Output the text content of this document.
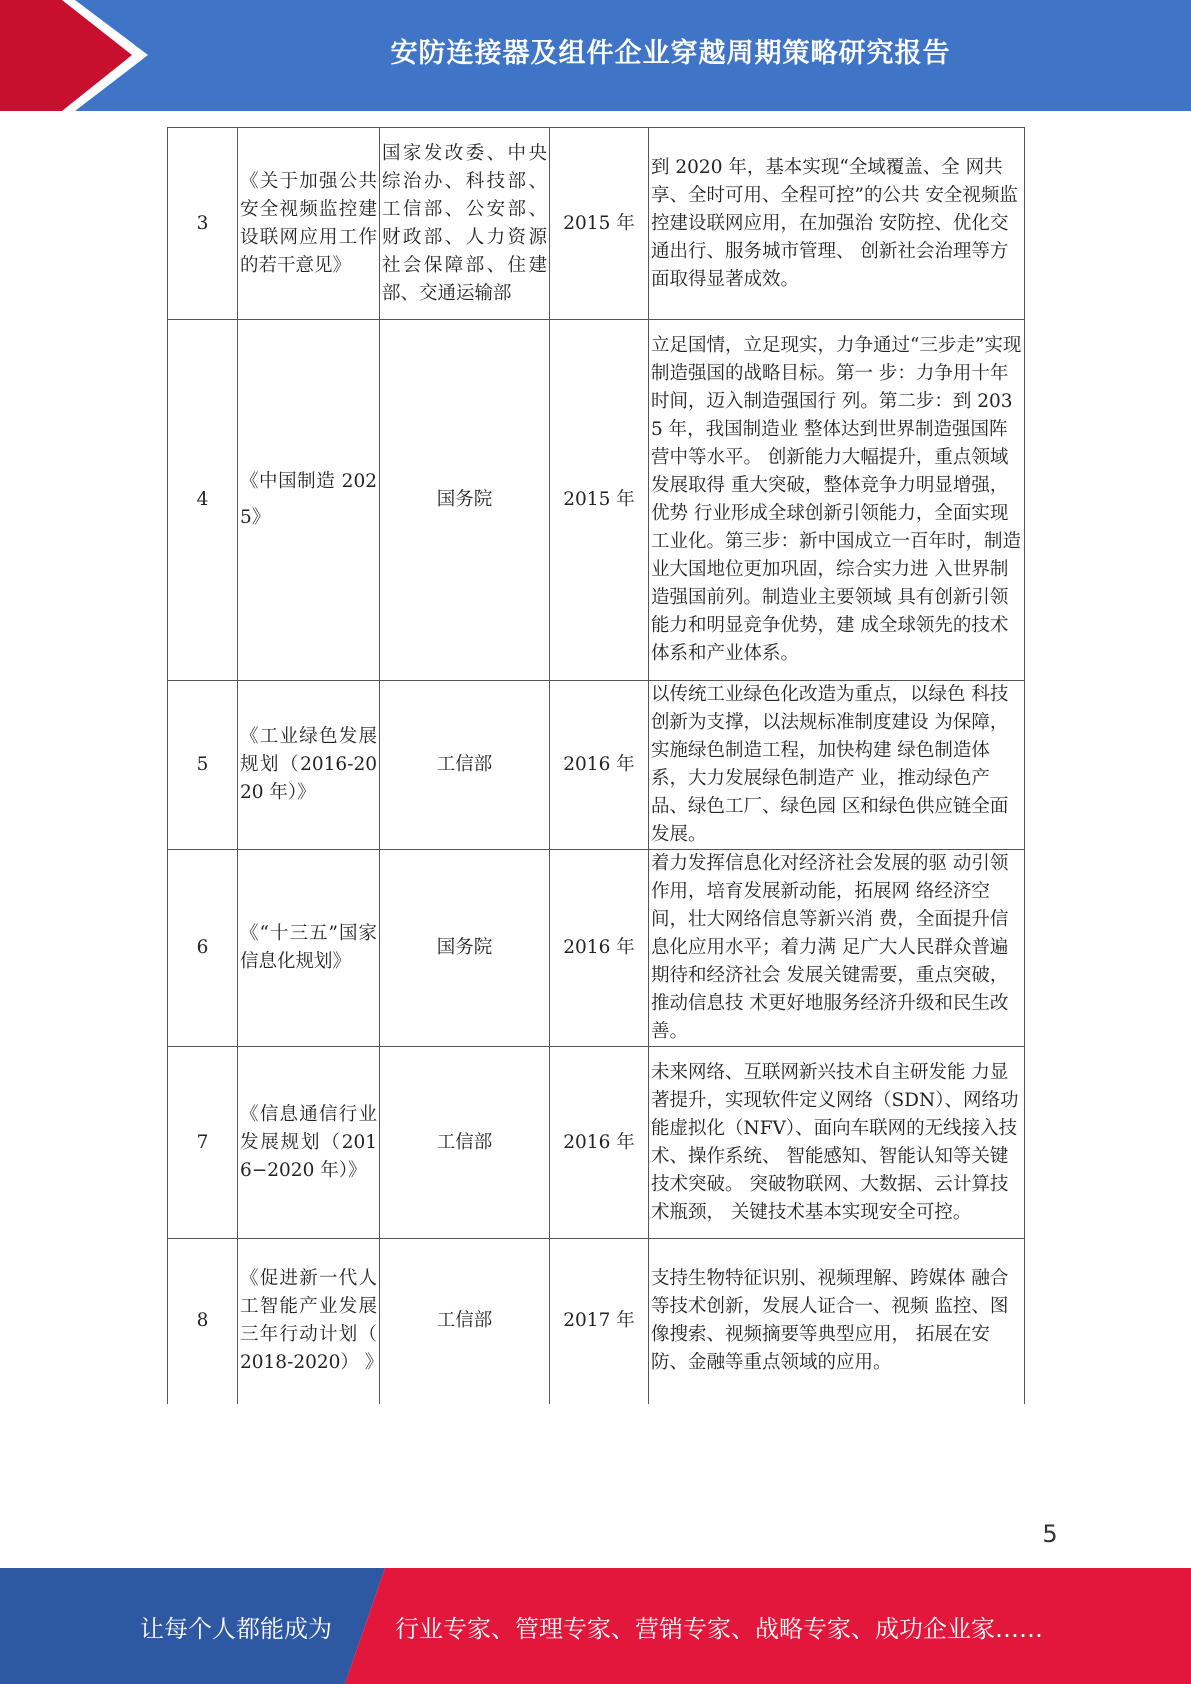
安防连接器及组件企业穿越周期策略研究报告
3	《关于加强公共安全视频监控建设联网应用工作的若干意见》	国家发改委、中央综治办、科技部、工信部、公安部、财政部、人力资源社会保障部、住建部、交通运输部	2015 年	到 2020 年，基本实现“全域覆盖、全 网共享、全时可用、全程可控”的公共 安全视频监控建设联网应用，在加强治 安防控、优化交通出行、服务城市管理、 创新社会治理等方面取得显著成效。
4	《中国制造 2025》	国务院	2015 年	立足国情，立足现实，力争通过“三步走”实现制造强国的战略目标。第一 步：力争用十年时间，迈入制造强国行 列。第二步：到 2035 年，我国制造业 整体达到世界制造强国阵营中等水平。 创新能力大幅提升，重点领域发展取得 重大突破，整体竞争力明显增强，优势 行业形成全球创新引领能力，全面实现 工业化。第三步：新中国成立一百年时，制造业大国地位更加巩固，综合实力进 入世界制造强国前列。制造业主要领域 具有创新引领能力和明显竞争优势，建 成全球领先的技术体系和产业体系。
5	《工业绿色发展规划（2016-2020 年）》	工信部	2016 年	以传统工业绿色化改造为重点，以绿色 科技创新为支撑，以法规标准制度建设 为保障，实施绿色制造工程，加快构建 绿色制造体系，大力发展绿色制造产 业，推动绿色产品、绿色工厂、绿色园 区和绿色供应链全面发展。
6	《“十三五”国家信息化规划》	国务院	2016 年	着力发挥信息化对经济社会发展的驱 动引领作用，培育发展新动能，拓展网 络经济空间，壮大网络信息等新兴消 费，全面提升信息化应用水平；着力满 足广大人民群众普遍期待和经济社会 发展关键需要，重点突破，推动信息技 术更好地服务经济升级和民生改善。
7	《信息通信行业发展规划（2016−2020 年）》	工信部	2016 年	未来网络、互联网新兴技术自主研发能 力显著提升，实现软件定义网络（SDN）、网络功能虚拟化（NFV）、面向车联网的无线接入技术、操作系统、 智能感知、智能认知等关键技术突破。 突破物联网、大数据、云计算技术瓶颈， 关键技术基本实现安全可控。
8	《促进新一代人工智能产业发展三年行动计划（ 2018-2020） 》	工信部	2017 年	支持生物特征识别、视频理解、跨媒体 融合等技术创新，发展人证合一、视频 监控、图像搜索、视频摘要等典型应用， 拓展在安防、金融等重点领域的应用。
5
让每个人都能成为	行业专家、管理专家、营销专家、战略专家、成功企业家……
